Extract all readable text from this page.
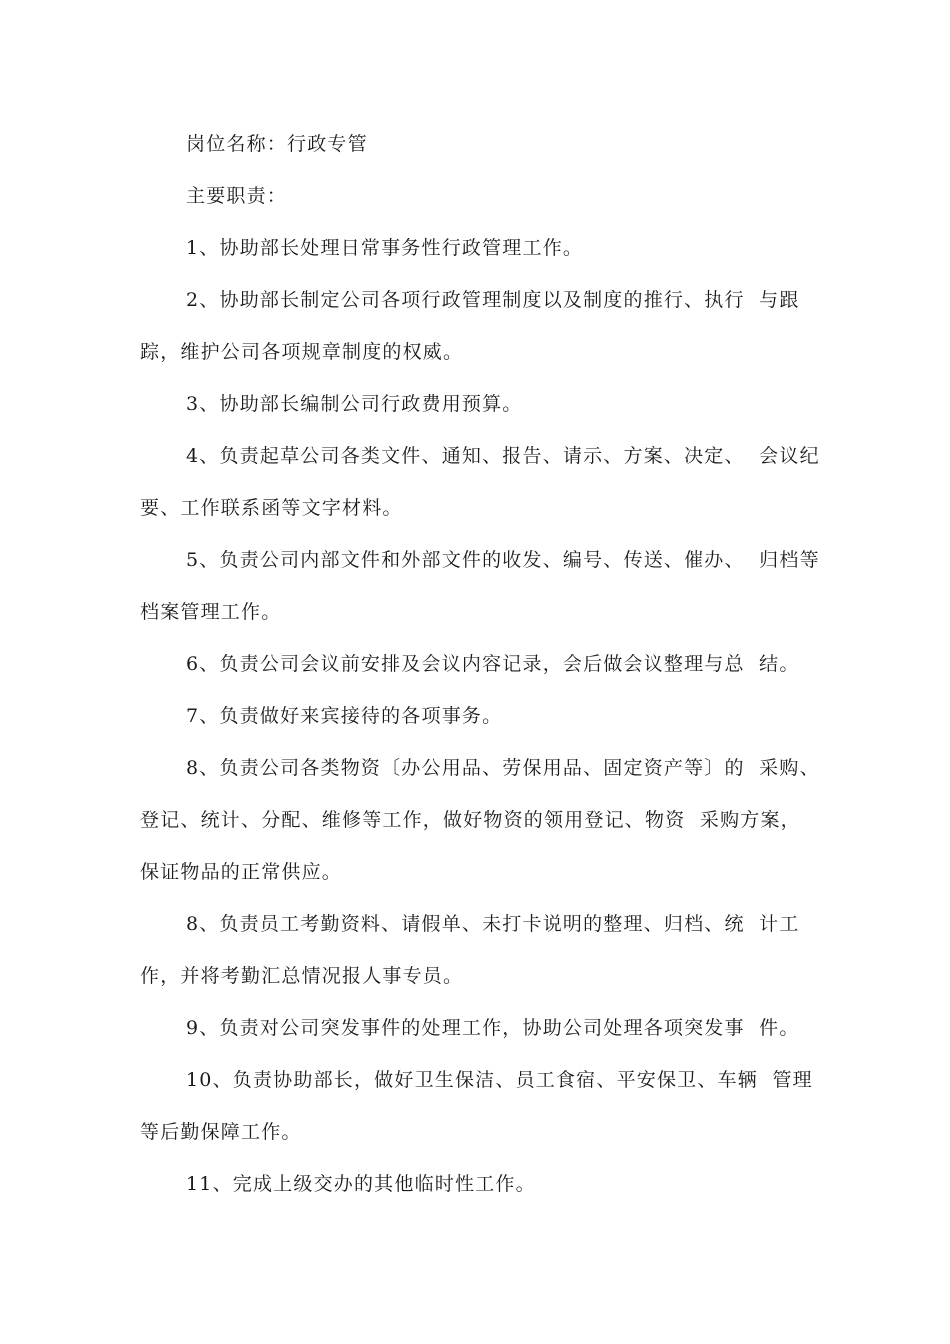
岗位名称：行政专管
主要职责：
1、协助部长处理日常事务性行政管理工作。
2、协助部长制定公司各项行政管理制度以及制度的推行、执行  与跟
踪，维护公司各项规章制度的权威。
3、协助部长编制公司行政费用预算。
4、负责起草公司各类文件、通知、报告、请示、方案、决定、  会议纪
要、工作联系函等文字材料。
5、负责公司内部文件和外部文件的收发、编号、传送、催办、  归档等
档案管理工作。
6、负责公司会议前安排及会议内容记录，会后做会议整理与总  结。
7、负责做好来宾接待的各项事务。
8、负责公司各类物资〔办公用品、劳保用品、固定资产等〕的  采购、
登记、统计、分配、维修等工作，做好物资的领用登记、物资  采购方案，
保证物品的正常供应。
8、负责员工考勤资料、请假单、未打卡说明的整理、归档、统  计工
作，并将考勤汇总情况报人事专员。
9、负责对公司突发事件的处理工作，协助公司处理各项突发事  件。
10、负责协助部长，做好卫生保洁、员工食宿、平安保卫、车辆  管理
等后勤保障工作。
11、完成上级交办的其他临时性工作。
